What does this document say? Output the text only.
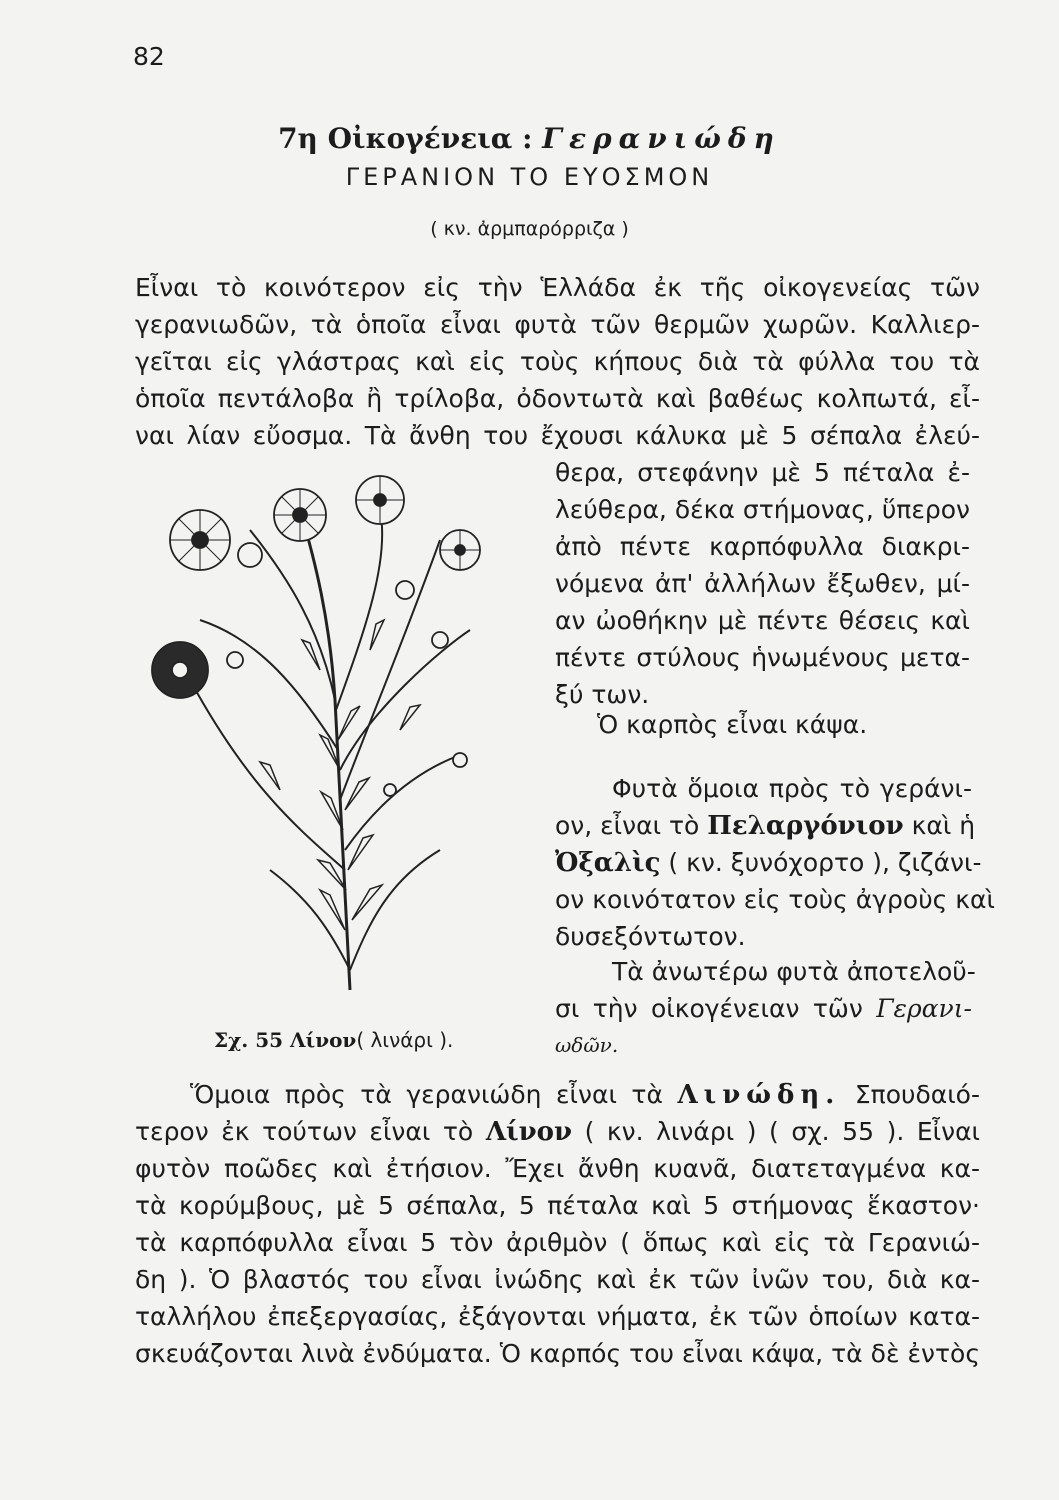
82
7η Οἰκογένεια : Γερανιώδη
ΓΕΡΑΝΙΟΝ ΤΟ ΕΥΟΣΜΟΝ
( κν. ἀρμπαρόρριζα )
Εἶναι τὸ κοινότερον εἰς τὴν Ἑλλάδα ἐκ τῆς οἰκογενείας τῶν
γερανιωδῶν, τὰ ὁποῖα εἶναι φυτὰ τῶν θερμῶν χωρῶν. Καλλιερ-
γεῖται εἰς γλάστρας καὶ εἰς τοὺς κήπους διὰ τὰ φύλλα του τὰ
ὁποῖα πεντάλοβα ἢ τρίλοβα, ὀδοντωτὰ καὶ βαθέως κολπωτά, εἶ-
ναι λίαν εὔοσμα. Τὰ ἄνθη του ἔχουσι κάλυκα μὲ 5 σέπαλα ἐλεύ-
θερα, στεφάνην μὲ 5 πέταλα ἐ-
λεύθερα, δέκα στήμονας, ὕπερον
ἀπὸ πέντε καρπόφυλλα διακρι-
νόμενα ἀπ' ἀλλήλων ἔξωθεν, μί-
αν ὠοθήκην μὲ πέντε θέσεις καὶ
πέντε στύλους ἡνωμένους μετα-
ξύ των.
Ὁ καρπὸς εἶναι κάψα.
Φυτὰ ὅμοια πρὸς τὸ γεράνι-
ον, εἶναι τὸ Πελαργόνιον καὶ ἡ
Ὀξαλὶς ( κν. ξυνόχορτο ), ζιζάνι-
ον κοινότατον εἰς τοὺς ἀγροὺς καὶ
δυσεξόντωτον.
Τὰ ἀνωτέρω φυτὰ ἀποτελοῦ-
σι τὴν οἰκογένειαν τῶν Γερανι-
ωδῶν.
Σχ. 55 Λίνον( λινάρι ).
Ὅμοια πρὸς τὰ γερανιώδη εἶναι τὰ Λινώδη. Σπουδαιό-
τερον ἐκ τούτων εἶναι τὸ Λίνον ( κν. λινάρι ) ( σχ. 55 ). Εἶναι
φυτὸν ποῶδες καὶ ἐτήσιον. Ἔχει ἄνθη κυανᾶ, διατεταγμένα κα-
τὰ κορύμβους, μὲ 5 σέπαλα, 5 πέταλα καὶ 5 στήμονας ἕκαστον·
τὰ καρπόφυλλα εἶναι 5 τὸν ἀριθμὸν ( ὅπως καὶ εἰς τὰ Γερανιώ-
δη ). Ὁ βλαστός του εἶναι ἰνώδης καὶ ἐκ τῶν ἰνῶν του, διὰ κα-
ταλλήλου ἐπεξεργασίας, ἐξάγονται νήματα, ἐκ τῶν ὁποίων κατα-
σκευάζονται λινὰ ἐνδύματα. Ὁ καρπός του εἶναι κάψα, τὰ δὲ ἐντὸς
